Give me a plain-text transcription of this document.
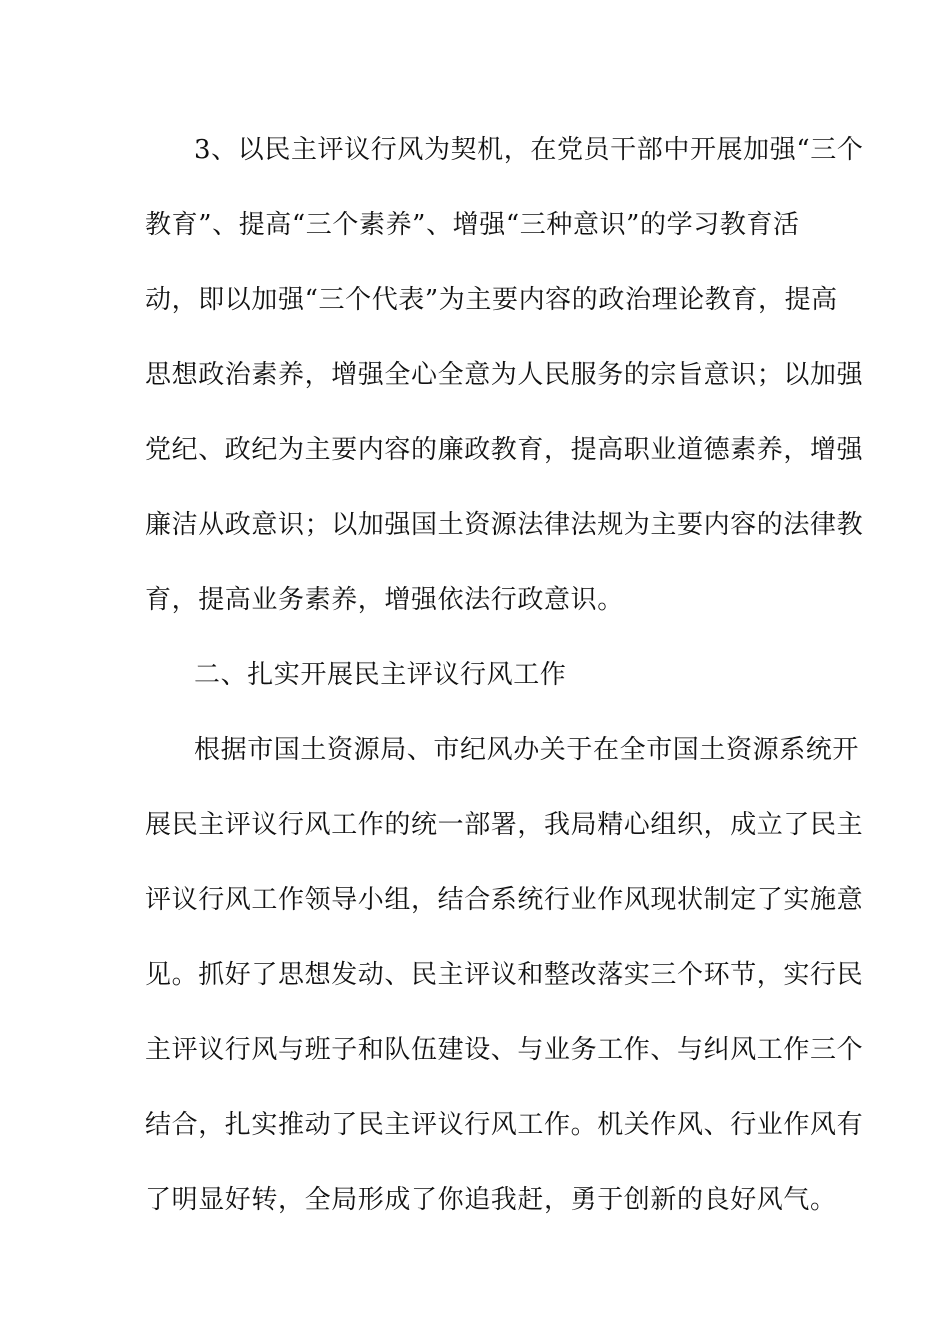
3、以民主评议行风为契机，在党员干部中开展加强“三个
教育”、提高“三个素养”、增强“三种意识”的学习教育活
动，即以加强“三个代表”为主要内容的政治理论教育，提高
思想政治素养，增强全心全意为人民服务的宗旨意识；以加强
党纪、政纪为主要内容的廉政教育，提高职业道德素养，增强
廉洁从政意识；以加强国土资源法律法规为主要内容的法律教
育，提高业务素养，增强依法行政意识。
二、扎实开展民主评议行风工作
根据市国土资源局、市纪风办关于在全市国土资源系统开
展民主评议行风工作的统一部署，我局精心组织，成立了民主
评议行风工作领导小组，结合系统行业作风现状制定了实施意
见。抓好了思想发动、民主评议和整改落实三个环节，实行民
主评议行风与班子和队伍建设、与业务工作、与纠风工作三个
结合，扎实推动了民主评议行风工作。机关作风、行业作风有
了明显好转，全局形成了你追我赶，勇于创新的良好风气。
